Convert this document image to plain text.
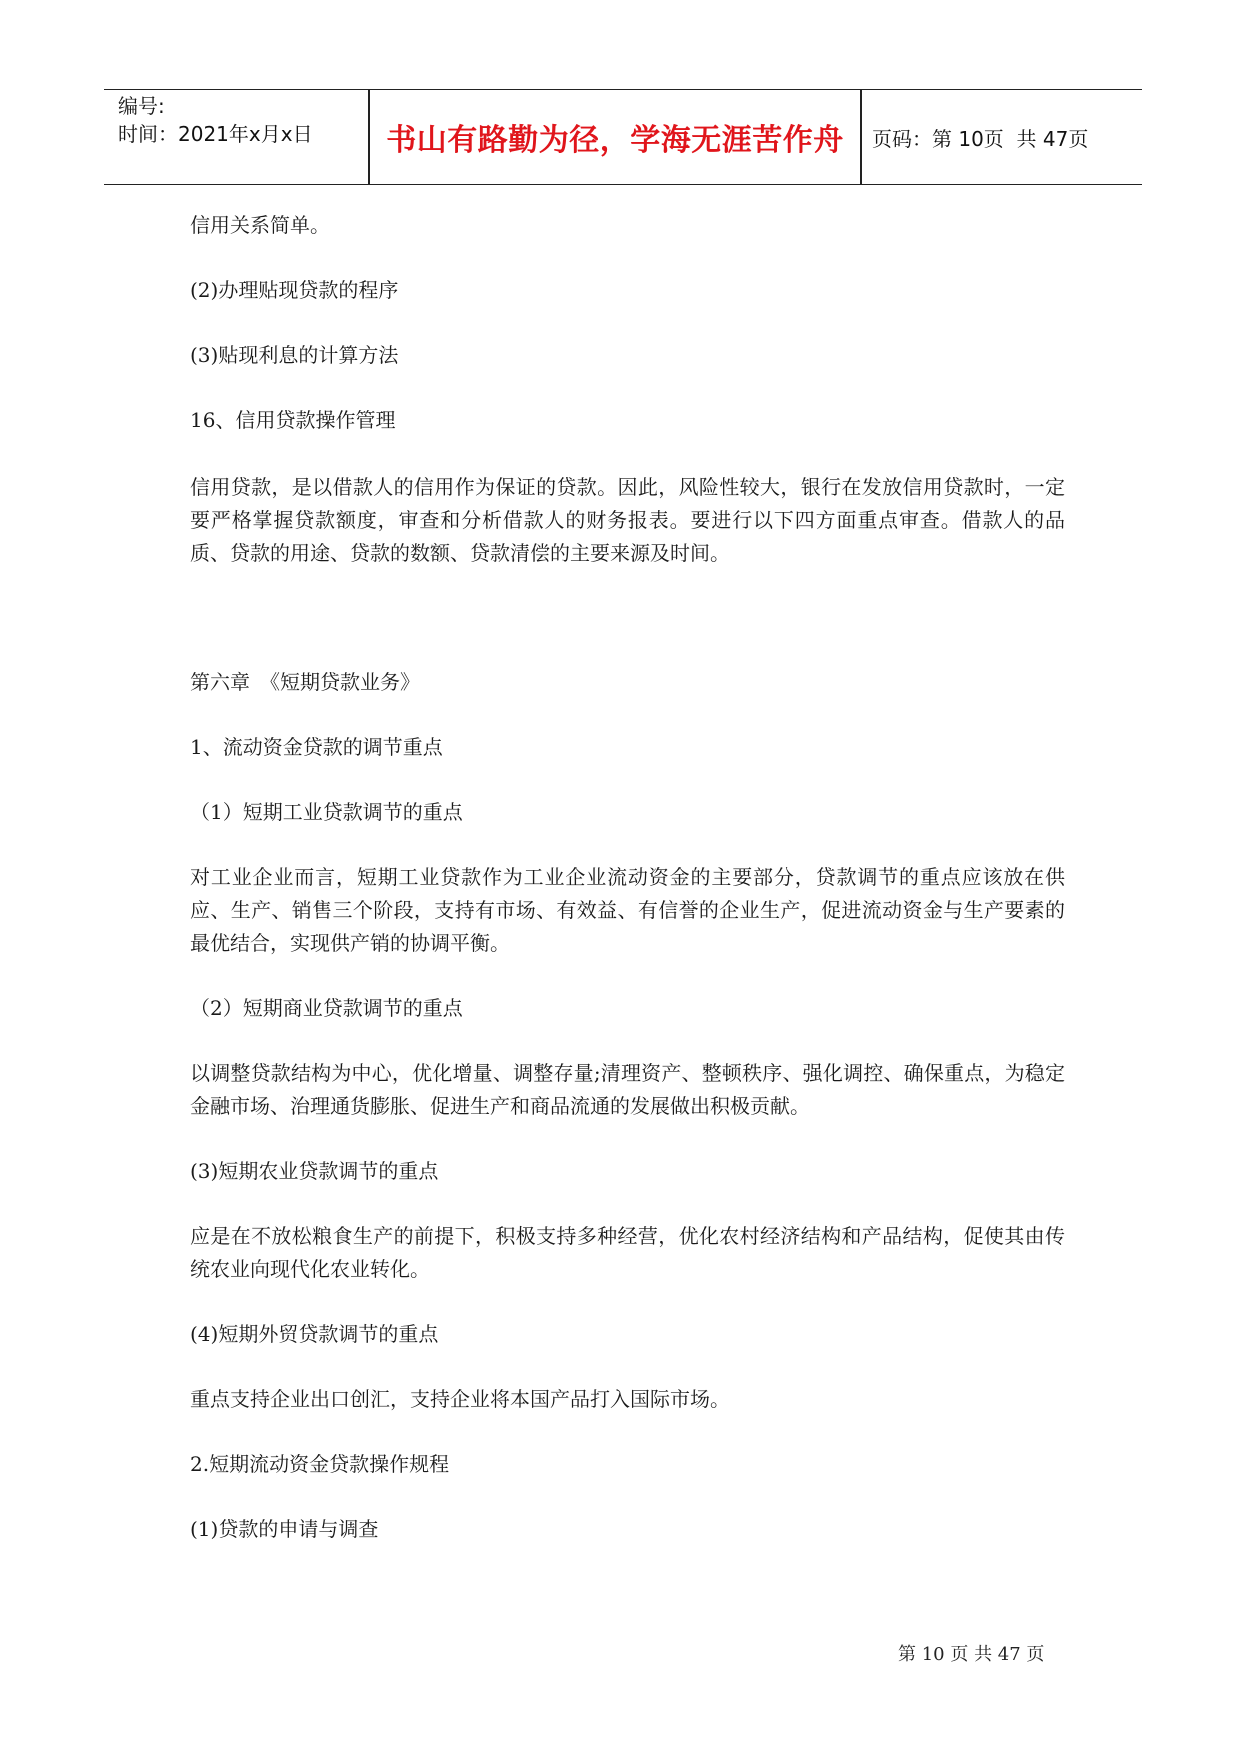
编号:
时间：2021年x月x日	书山有路勤为径，学海无涯苦作舟	页码：第 10页  共 47页

信用关系简单。

(2)办理贴现贷款的程序

(3)贴现利息的计算方法

16、信用贷款操作管理

信用贷款，是以借款人的信用作为保证的贷款。因此，风险性较大，银行在发放信用贷款时，一定要严格掌握贷款额度，审查和分析借款人的财务报表。要进行以下四方面重点审查。借款人的品质、贷款的用途、贷款的数额、贷款清偿的主要来源及时间。

第六章　《短期贷款业务》

1、流动资金贷款的调节重点

（1）短期工业贷款调节的重点

对工业企业而言，短期工业贷款作为工业企业流动资金的主要部分，贷款调节的重点应该放在供应、生产、销售三个阶段，支持有市场、有效益、有信誉的企业生产，促进流动资金与生产要素的最优结合，实现供产销的协调平衡。

（2）短期商业贷款调节的重点

以调整贷款结构为中心，优化增量、调整存量;清理资产、整顿秩序、强化调控、确保重点，为稳定金融市场、治理通货膨胀、促进生产和商品流通的发展做出积极贡献。

(3)短期农业贷款调节的重点

应是在不放松粮食生产的前提下，积极支持多种经营，优化农村经济结构和产品结构，促使其由传统农业向现代化农业转化。

(4)短期外贸贷款调节的重点

重点支持企业出口创汇，支持企业将本国产品打入国际市场。

2.短期流动资金贷款操作规程

(1)贷款的申请与调查

第 10 页 共 47 页
